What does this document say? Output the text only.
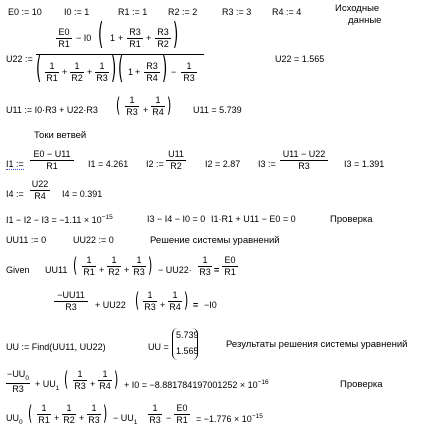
E0 := 10 I0 := 1	R1 := 1 R2 := 2	R3 := 3 R4 := 4	Исходные
данные
U22 :=
E0
R1
− I0 ( 1 +
R3
R1
+
R3
R2 )
( 1
R1
+
1
R2
+
1
R3 ) ( 1 +
R3
R4 ) −
1
R3
U22 = 1.565
U11 := I0·R3 + U22·R3 ( 1
R3 +
1
R4 ) U11 = 5.739
Токи ветвей
I1 :=
E0 − U11
R1	I1 = 4.261 I2 :=
U11
R2	I2 = 2.87 I3 :=
U11 − U22
R3	I3 = 1.391
I4 :=
U22
R4 I4 = 0.391
$I1 - I2 - I3 = -1.11 \times 10^{-15}$	I3 − I4 − I0 = 0 I1·R1 + U11 − E0 = 0	Проверка
UU11 := 0	UU22 := 0	Решение системы уравнений
Given UU11 ( 1
R1 +
1
R2 +
1
R3 ) − UU22·
1
R3 =
E0
R1
−UU11
R3 + UU22 ( 1
R3 +
1
R4 ) = −I0
UU := Find(UU11, UU22)	UU =
5.739
1.565
Результаты решения системы уравнений
$-UU_0$
R3
+ $UU_1$ ( 1
R3 +
1
R4 ) + $I0 = -8.881784197001252 \times 10^{-16}$	Проверка
$UU_0$ ( 1
R1 +
1
R2 +
1
R3 ) − $UU_1$
1
R3 −
E0
$R1 = -1.776 \times 10^{-15}$
